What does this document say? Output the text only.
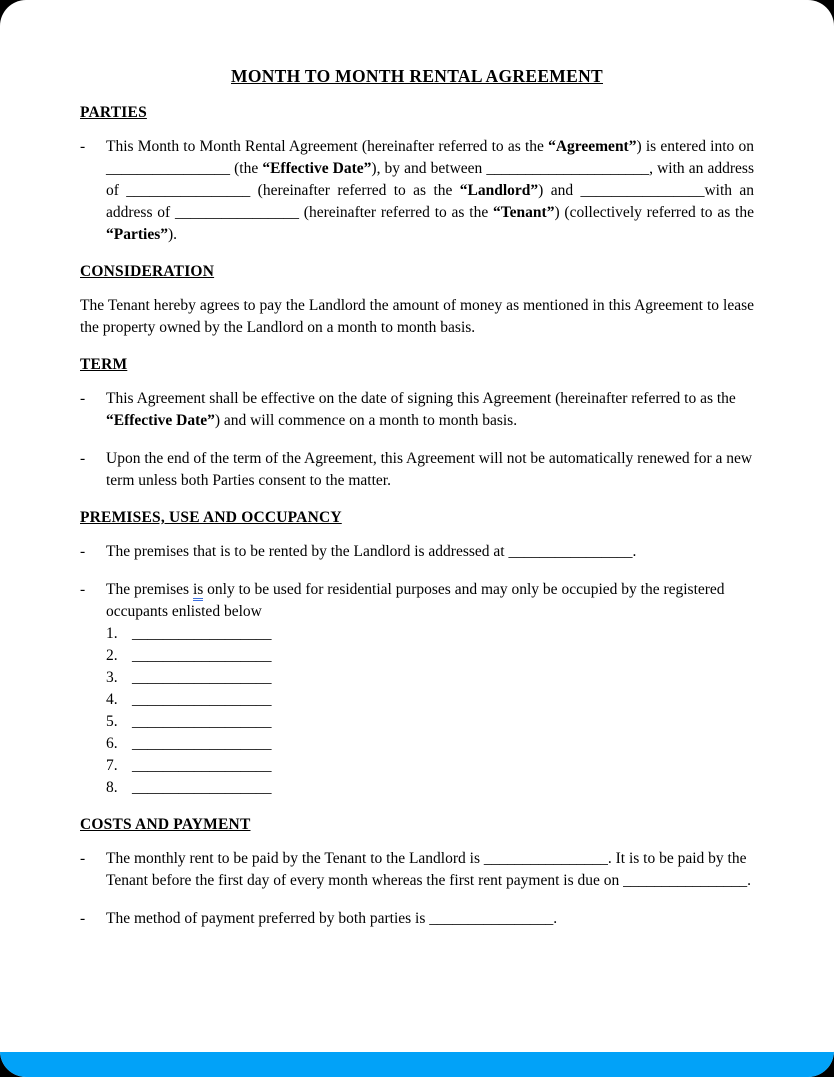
MONTH TO MONTH RENTAL AGREEMENT
PARTIES
-	This Month to Month Rental Agreement (hereinafter referred to as the “Agreement”) is entered into on ________________ (the “Effective Date”), by and between _____________________, with an address of ________________ (hereinafter referred to as the “Landlord”) and ________________with an address of ________________ (hereinafter referred to as the “Tenant”) (collectively referred to as the “Parties”).

CONSIDERATION

The Tenant hereby agrees to pay the Landlord the amount of money as mentioned in this Agreement to lease the property owned by the Landlord on a month to month basis.

TERM
-	This Agreement shall be effective on the date of signing this Agreement (hereinafter referred to as the “Effective Date”) and will commence on a month to month basis.

-	Upon the end of the term of the Agreement, this Agreement will not be automatically renewed for a new term unless both Parties consent to the matter.

PREMISES, USE AND OCCUPANCY
-	The premises that is to be rented by the Landlord is addressed at ________________.

-	The premises is only to be used for residential purposes and may only be occupied by the registered occupants enlisted below

1. __________________
2. __________________
3. __________________
4. __________________
5. __________________
6. __________________
7. __________________
8. __________________
COSTS AND PAYMENT
-	The monthly rent to be paid by the Tenant to the Landlord is ________________. It is to be paid by the Tenant before the first day of every month whereas the first rent payment is due on ________________.

-	The method of payment preferred by both parties is ________________.
